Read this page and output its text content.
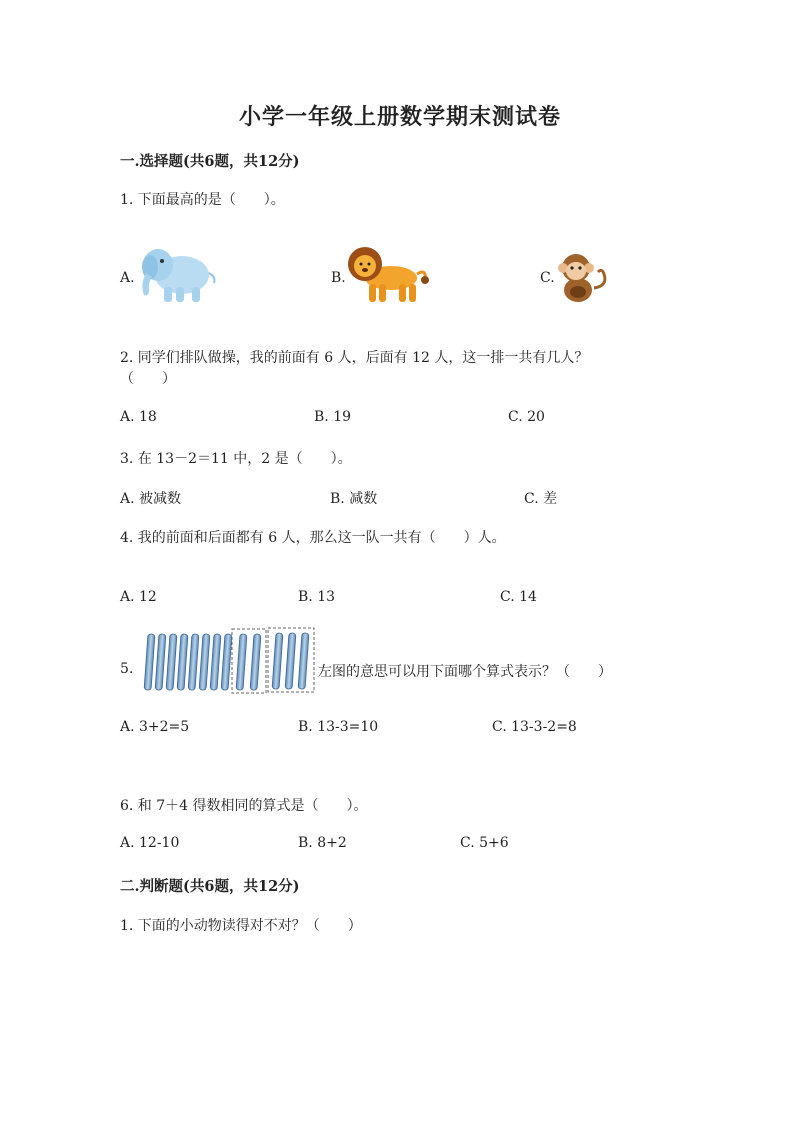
小学一年级上册数学期末测试卷
一.选择题(共6题，共12分)
1. 下面最高的是（　　）。
A.	B.	C.
2. 同学们排队做操，我的前面有 6 人，后面有 12 人，这一排一共有几人？
（　　）
A. 18	B. 19	C. 20
3. 在 13－2＝11 中，2 是（　　）。
A. 被减数	B. 减数	C. 差
4. 我的前面和后面都有 6 人，那么这一队一共有（　　）人。
A. 12	B. 13	C. 14
5.	左图的意思可以用下面哪个算式表示？（　　）
A. 3+2=5	B. 13-3=10	C. 13-3-2=8
6. 和 7＋4 得数相同的算式是（　　）。
A. 12-10	B. 8+2	C. 5+6
二.判断题(共6题，共12分)
1. 下面的小动物读得对不对？（　　）
